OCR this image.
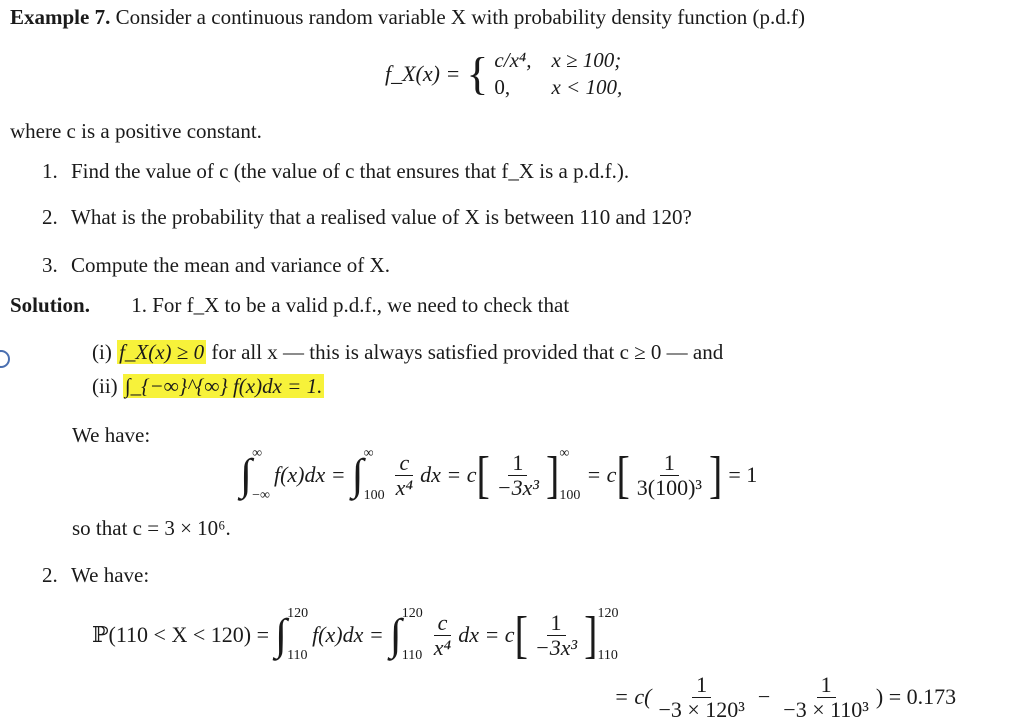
Example 7. Consider a continuous random variable X with probability density function (p.d.f)
f_X(x) = { c/x⁴, x ≥ 100;
0,	x < 100,
where c is a positive constant.
1. Find the value of c (the value of c that ensures that f_X is a p.d.f.).
2. What is the probability that a realised value of X is between 110 and 120?
3. Compute the mean and variance of X.
Solution. 1. For f_X to be a valid p.d.f., we need to check that
(i) f_X(x) ≥ 0 for all x — this is always satisfied provided that c ≥ 0 — and
(ii) ∫_{−∞}^{∞} f(x)dx = 1.
We have:
∫ ∞
−∞
f(x)dx = ∫ ∞
$100 \frac{c}{\text{x⁴}}$ dx = c [ $\frac{1}{\text{−3x³}}$ ] ∞
100
= c [ $\frac{1}{\text{3(100)³}}$ ] = 1
so that c = 3 × 10⁶.
2. We have:
ℙ(110 < X < 120) = ∫ 120
110
f(x)dx = ∫ 120
$110 \frac{c}{\text{x⁴}}$ dx = c [ $\frac{1}{\text{−3x³}}$ ] 120
110
= $c( \frac{1}{\text{−3 × 120³}} - \frac{1}{\text{−3 × 110³}}$ ) = 0.173
